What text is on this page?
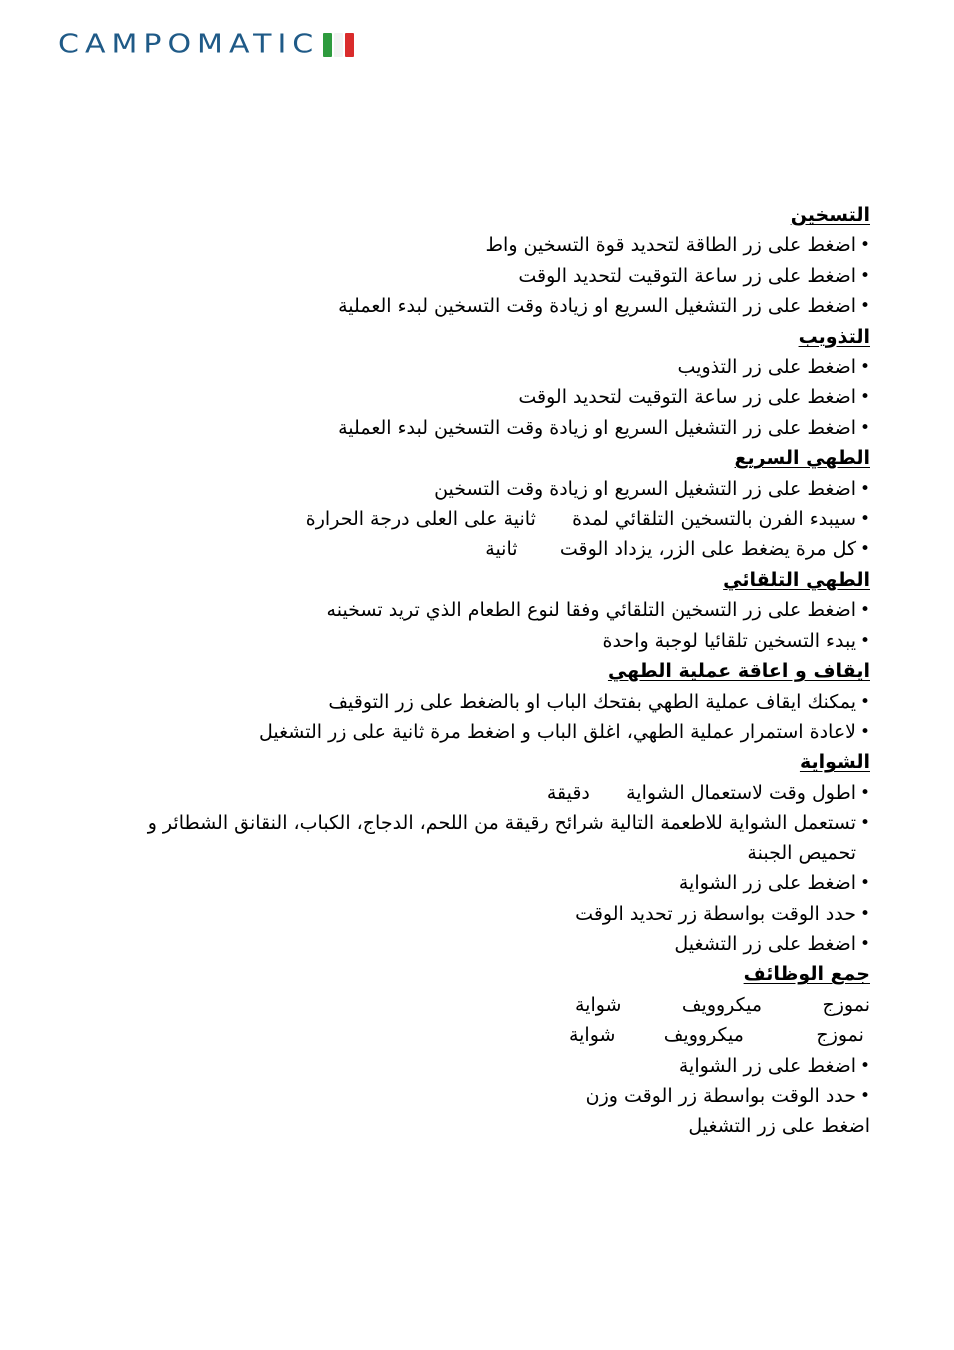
CAMPOMATIC
التسخين
• اضغط على زر الطاقة لتحديد قوة التسخين واط
• اضغط على زر ساعة التوقيت لتحديد الوقت
• اضغط على زر التشغيل السريع او زيادة وقت التسخين لبدء العملية
التذويب
• اضغط على زر التذويب
• اضغط على زر ساعة التوقيت لتحديد الوقت
• اضغط على زر التشغيل السريع او زيادة وقت التسخين لبدء العملية
الطهي السريع
• اضغط على زر التشغيل السريع او زيادة وقت التسخين
• سيبدء الفرن بالتسخين التلقائي لمدة      ثانية على العلى درجة الحرارة
• كل مرة يضغط على الزر، يزداد الوقت       ثانية
الطهي التلقائي
• اضغط على زر التسخين التلقائي وفقا لنوع الطعام الذي تريد تسخينه
• يبدء التسخين تلقائيا لوجبة واحدة
ايقاف و اعاقة عملية الطهي
• يمكنك ايقاف عملية الطهي بفتحك الباب او بالضغط على زر التوقيف
• لاعادة استمرار عملية الطهي، اغلق الباب و اضغط مرة ثانية على زر التشغيل
الشواية
• اطول وقت لاستعمال الشواية      دقيقة
• تستعمل الشواية للاطعمة التالية شرائح رقيقة من اللحم، الدجاج، الكباب، النقانق الشطائر و تحميص الجبنة
• اضغط على زر الشواية
• حدد الوقت بواسطة زر تحديد الوقت
• اضغط على زر التشغيل
جمع الوظائف
نموزج          ميكروويف          شواية
نموزج            ميكروويف        شواية
• اضغط على زر الشواية
• حدد الوقت بواسطة زر الوقت وزن
اضغط على زر التشغيل
